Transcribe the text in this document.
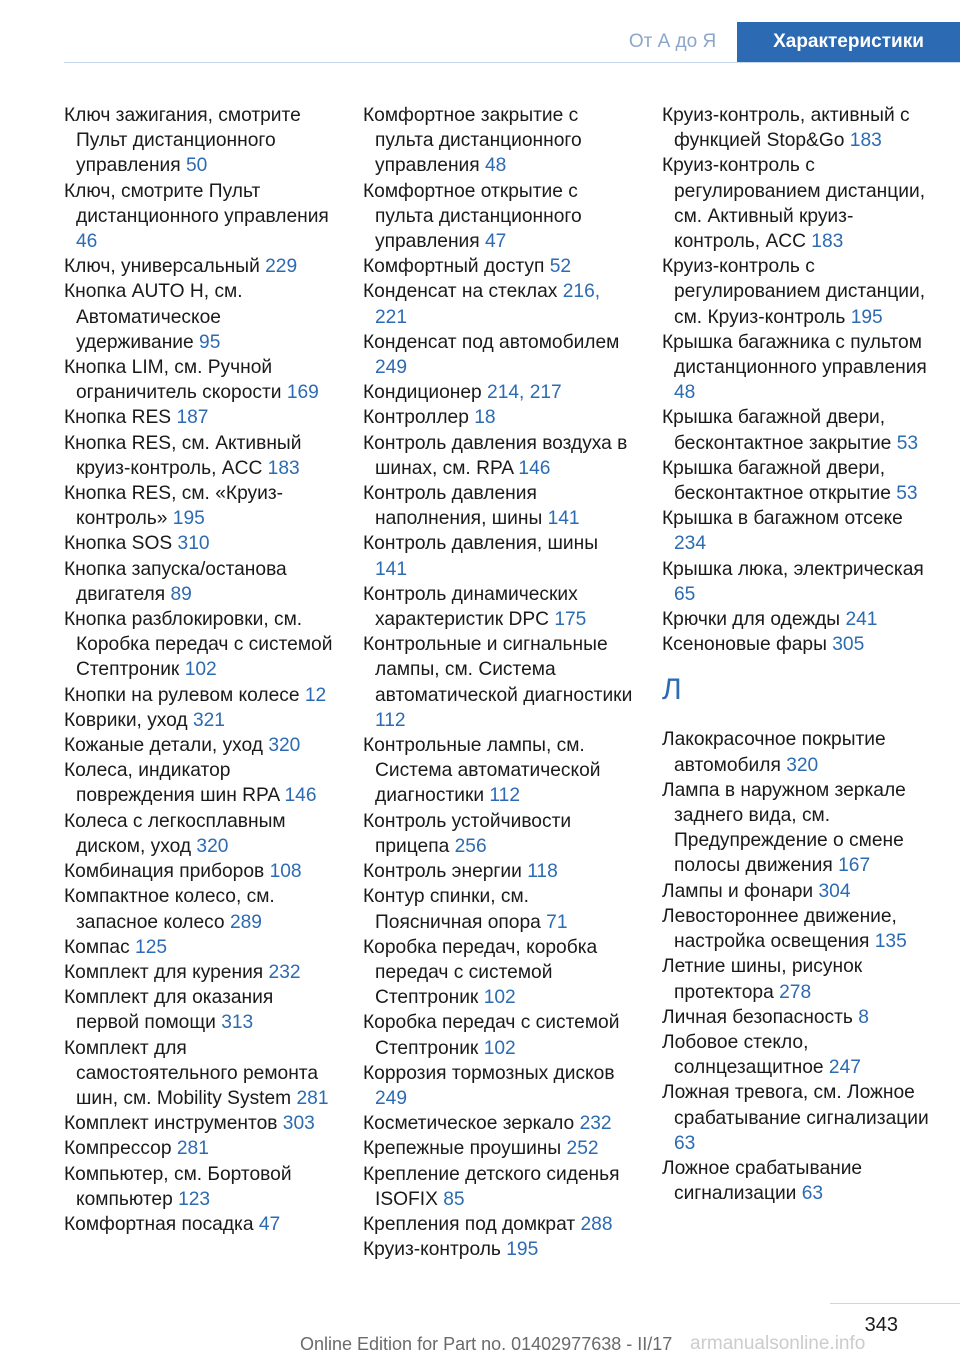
От А до Я	Характеристики

Ключ зажигания, смотрите Пульт дистанционного управления 50

Ключ, смотрите Пульт дистанционного управления 46

Ключ, универсальный 229

Кнопка AUTO H, см. Автоматическое удерживание 95

Кнопка LIM, см. Ручной ограничитель скорости 169

Кнопка RES 187

Кнопка RES, см. Активный круиз-контроль, ACC 183

Кнопка RES, см. «Круиз-контроль» 195

Кнопка SOS 310

Кнопка запуска/останова двигателя 89

Кнопка разблокировки, см. Коробка передач с системой Стептроник 102

Кнопки на рулевом колесе 12

Коврики, уход 321

Кожаные детали, уход 320

Колеса, индикатор повреждения шин RPA 146

Колеса с легкосплавным диском, уход 320

Комбинация приборов 108

Компактное колесо, см. запасное колесо 289

Компас 125

Комплект для курения 232

Комплект для оказания первой помощи 313

Комплект для самостоятельного ремонта шин, см. Mobility System 281

Комплект инструментов 303

Компрессор 281

Компьютер, см. Бортовой компьютер 123

Комфортная посадка 47

Комфортное закрытие с пульта дистанционного управления 48

Комфортное открытие с пульта дистанционного управления 47

Комфортный доступ 52

Конденсат на стеклах 216, 221

Конденсат под автомобилем 249

Кондиционер 214, 217

Контроллер 18

Контроль давления воздуха в шинах, см. RPA 146

Контроль давления наполнения, шины 141

Контроль давления, шины 141

Контроль динамических характеристик DPC 175

Контрольные и сигнальные лампы, см. Система автоматической диагностики 112

Контрольные лампы, см. Система автоматической диагностики 112

Контроль устойчивости прицепа 256

Контроль энергии 118

Контур спинки, см. Поясничная опора 71

Коробка передач, коробка передач с системой Стептроник 102

Коробка передач с системой Стептроник 102

Коррозия тормозных дисков 249

Косметическое зеркало 232

Крепежные проушины 252

Крепление детского сиденья ISOFIX 85

Крепления под домкрат 288

Круиз-контроль 195

Круиз-контроль, активный с функцией Stop&Go 183

Круиз-контроль с регулированием дистанции, см. Активный круиз-контроль, ACC 183

Круиз-контроль с регулированием дистанции, см. Круиз-контроль 195

Крышка багажника с пультом дистанционного управления 48

Крышка багажной двери, бесконтактное закрытие 53

Крышка багажной двери, бесконтактное открытие 53

Крышка в багажном отсеке 234

Крышка люка, электрическая 65

Крючки для одежды 241

Ксеноновые фары 305

Л

Лакокрасочное покрытие автомобиля 320

Лампа в наружном зеркале заднего вида, см. Предупреждение о смене полосы движения 167

Лампы и фонари 304

Левостороннее движение, настройка освещения 135

Летние шины, рисунок протектора 278

Личная безопасность 8

Лобовое стекло, солнцезащитное 247

Ложная тревога, см. Ложное срабатывание сигнализации 63

Ложное срабатывание сигнализации 63

343
Online Edition for Part no. 01402977638 - II/17 armanualsonline.info
